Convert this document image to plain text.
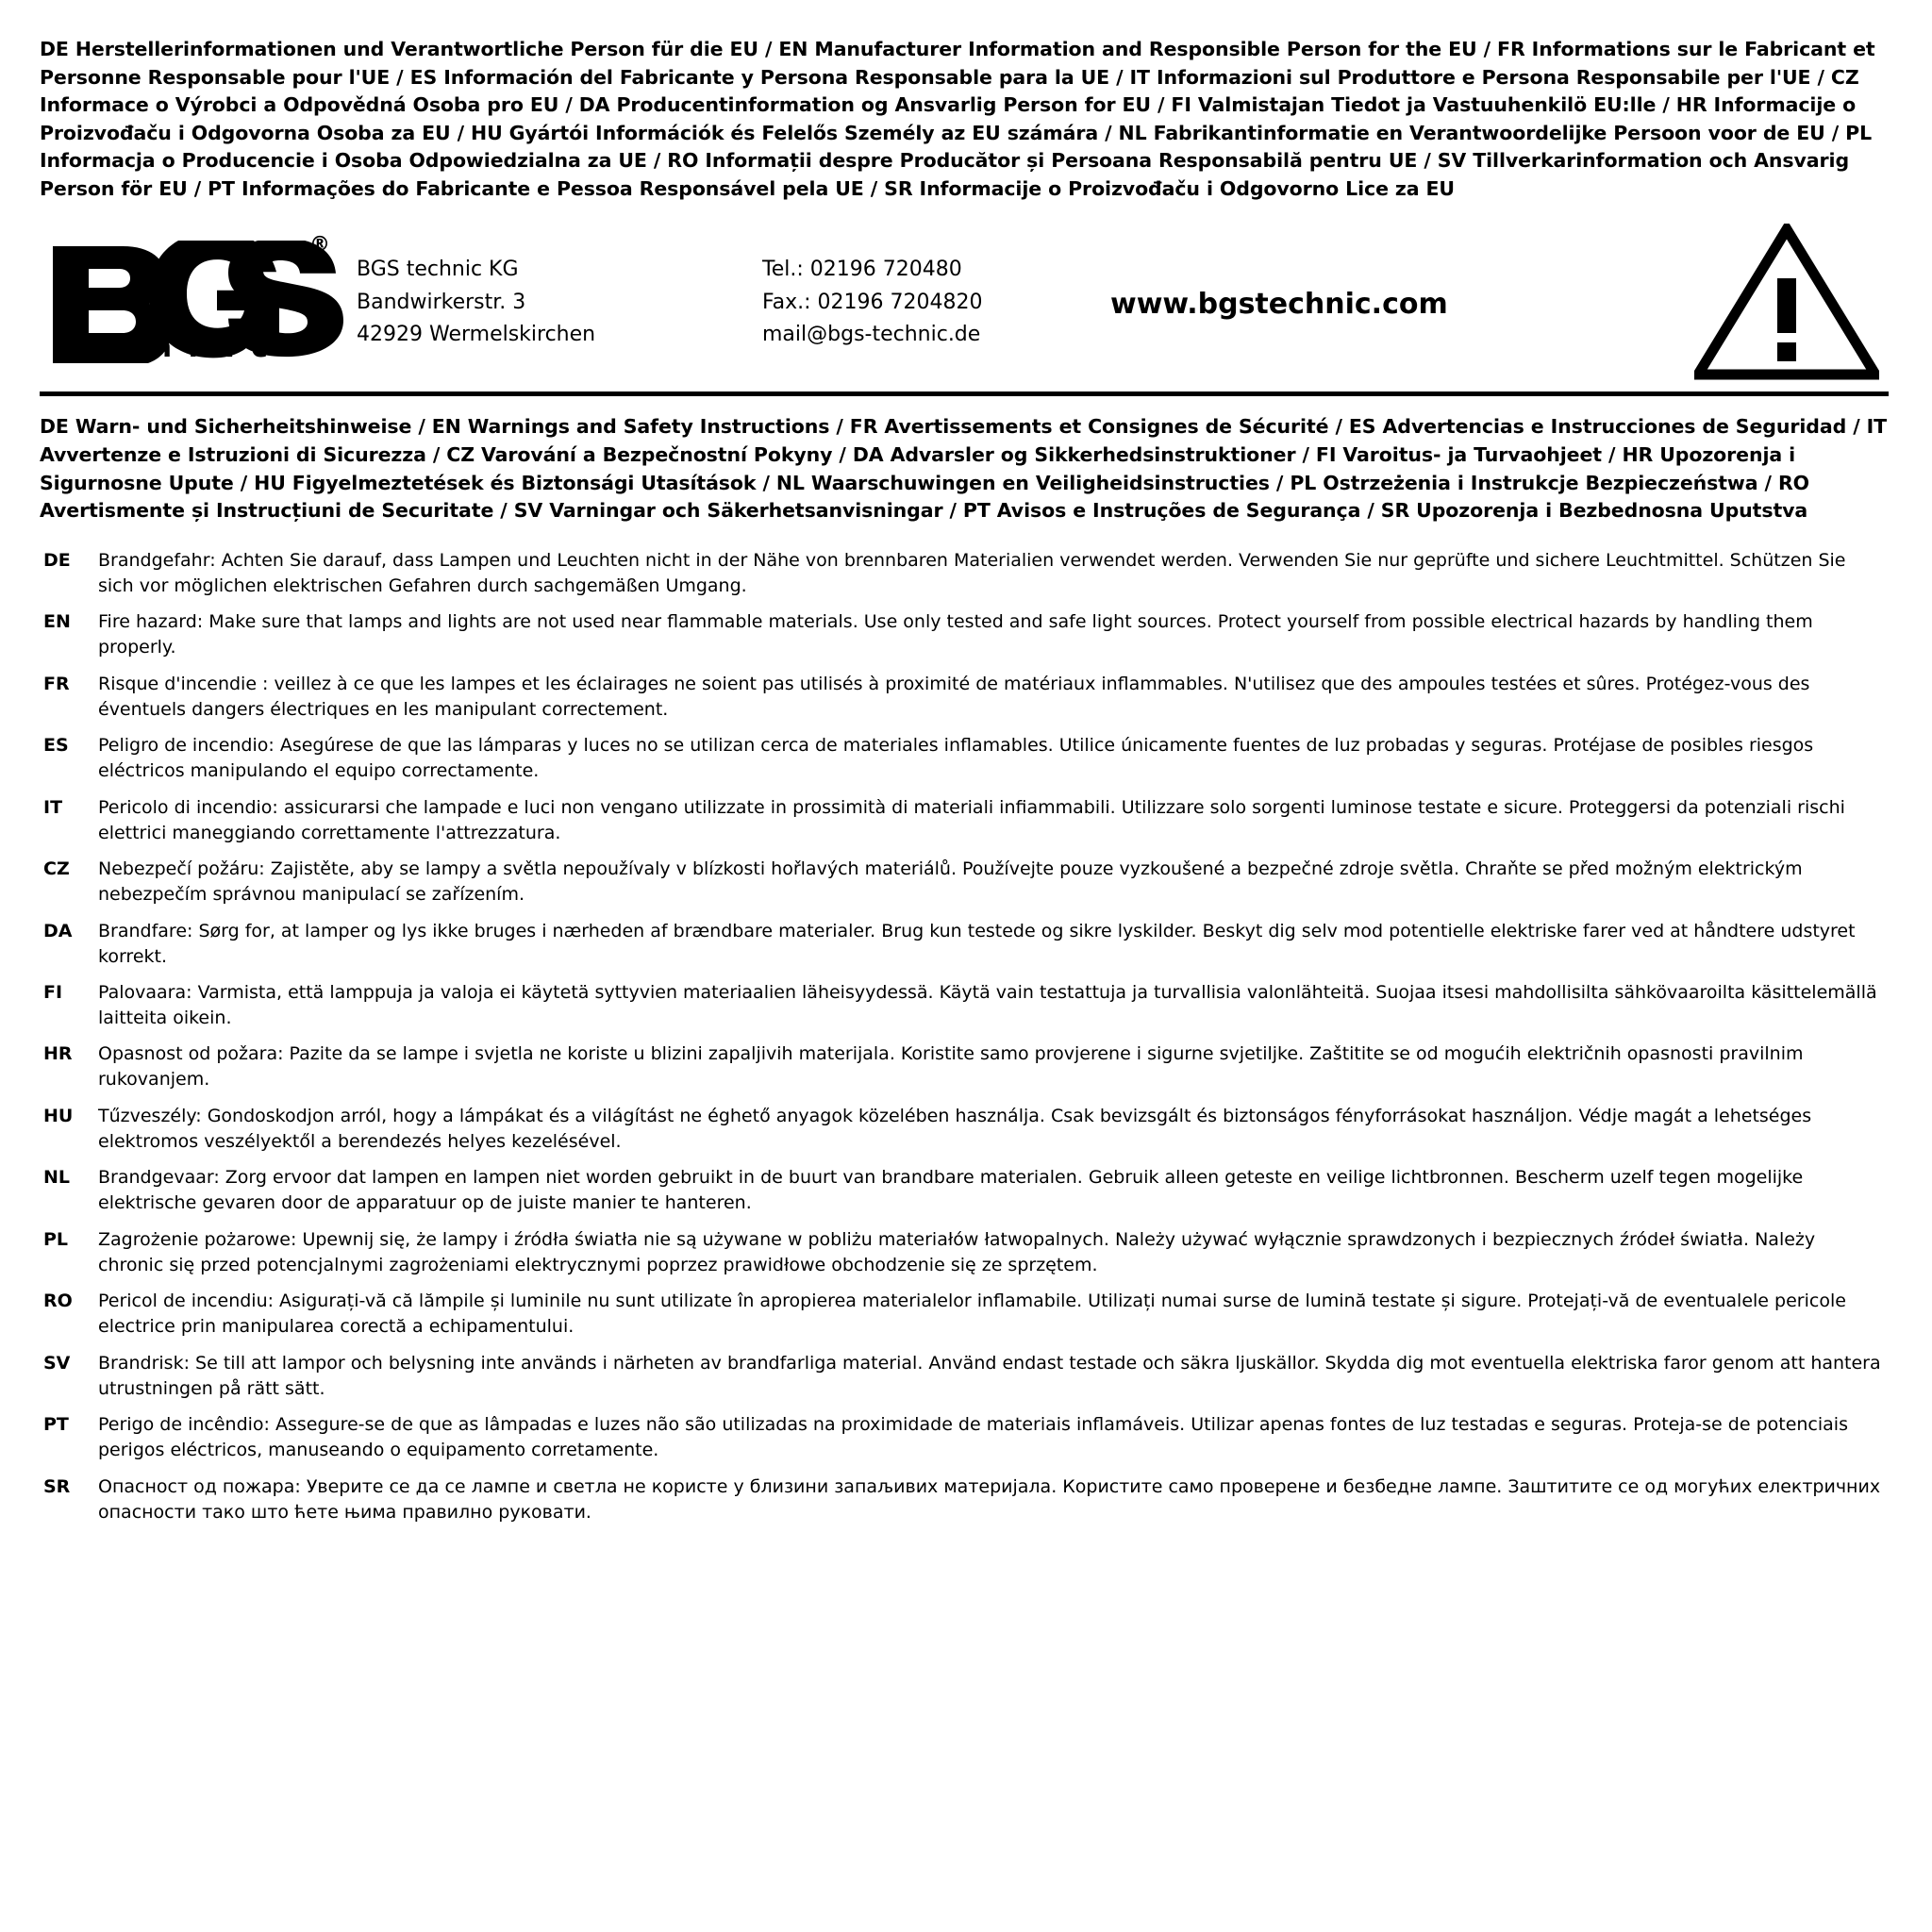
DE Herstellerinformationen und Verantwortliche Person für die EU / EN Manufacturer Information and Responsible Person for the EU / FR Informations sur le Fabricant et Personne Responsable pour l'UE / ES Información del Fabricante y Persona Responsable para la UE / IT Informazioni sul Produttore e Persona Responsabile per l'UE / CZ Informace o Výrobci a Odpovědná Osoba pro EU / DA Producentinformation og Ansvarlig Person for EU / FI Valmistajan Tiedot ja Vastuuhenkilö EU:lle / HR Informacije o Proizvođaču i Odgovorna Osoba za EU / HU Gyártói Információk és Felelős Személy az EU számára / NL Fabrikantinformatie en Verantwoordelijke Persoon voor de EU / PL Informacja o Producencie i Osoba Odpowiedzialna za UE / RO Informații despre Producător și Persoana Responsabilă pentru UE / SV Tillverkarinformation och Ansvarig Person för EU / PT Informações do Fabricante e Pessoa Responsável pela UE / SR Informacije o Proizvođaču i Odgovorno Lice za EU
t e c h n i c
®
BGS technic KG
Bandwirkerstr. 3
42929 Wermelskirchen
Tel.: 02196 720480
Fax.: 02196 7204820
mail@bgs-technic.de
www.bgstechnic.com
DE Warn- und Sicherheitshinweise / EN Warnings and Safety Instructions / FR Avertissements et Consignes de Sécurité / ES Advertencias e Instrucciones de Seguridad / IT Avvertenze e Istruzioni di Sicurezza / CZ Varování a Bezpečnostní Pokyny / DA Advarsler og Sikkerhedsinstruktioner / FI Varoitus- ja Turvaohjeet / HR Upozorenja i Sigurnosne Upute / HU Figyelmeztetések és Biztonsági Utasítások / NL Waarschuwingen en Veiligheidsinstructies / PL Ostrzeżenia i Instrukcje Bezpieczeństwa / RO Avertismente și Instrucțiuni de Securitate / SV Varningar och Säkerhetsanvisningar / PT Avisos e Instruções de Segurança / SR Upozorenja i Bezbednosna Uputstva
DE	Brandgefahr: Achten Sie darauf, dass Lampen und Leuchten nicht in der Nähe von brennbaren Materialien verwendet werden. Verwenden Sie nur geprüfte und sichere Leuchtmittel. Schützen Sie sich vor möglichen elektrischen Gefahren durch sachgemäßen Umgang.
EN	Fire hazard: Make sure that lamps and lights are not used near flammable materials. Use only tested and safe light sources. Protect yourself from possible electrical hazards by handling them properly.
FR	Risque d'incendie : veillez à ce que les lampes et les éclairages ne soient pas utilisés à proximité de matériaux inflammables. N'utilisez que des ampoules testées et sûres. Protégez-vous des éventuels dangers électriques en les manipulant correctement.
ES	Peligro de incendio: Asegúrese de que las lámparas y luces no se utilizan cerca de materiales inflamables. Utilice únicamente fuentes de luz probadas y seguras. Protéjase de posibles riesgos eléctricos manipulando el equipo correctamente.
IT	Pericolo di incendio: assicurarsi che lampade e luci non vengano utilizzate in prossimità di materiali infiammabili. Utilizzare solo sorgenti luminose testate e sicure. Proteggersi da potenziali rischi elettrici maneggiando correttamente l'attrezzatura.
CZ	Nebezpečí požáru: Zajistěte, aby se lampy a světla nepoužívaly v blízkosti hořlavých materiálů. Používejte pouze vyzkoušené a bezpečné zdroje světla. Chraňte se před možným elektrickým nebezpečím správnou manipulací se zařízením.
DA	Brandfare: Sørg for, at lamper og lys ikke bruges i nærheden af brændbare materialer. Brug kun testede og sikre lyskilder. Beskyt dig selv mod potentielle elektriske farer ved at håndtere udstyret korrekt.
FI	Palovaara: Varmista, että lamppuja ja valoja ei käytetä syttyvien materiaalien läheisyydessä. Käytä vain testattuja ja turvallisia valonlähteitä. Suojaa itsesi mahdollisilta sähkövaaroilta käsittelemällä laitteita oikein.
HR	Opasnost od požara: Pazite da se lampe i svjetla ne koriste u blizini zapaljivih materijala. Koristite samo provjerene i sigurne svjetiljke. Zaštitite se od mogućih električnih opasnosti pravilnim rukovanjem.
HU	Tűzveszély: Gondoskodjon arról, hogy a lámpákat és a világítást ne éghető anyagok közelében használja. Csak bevizsgált és biztonságos fényforrásokat használjon. Védje magát a lehetséges elektromos veszélyektől a berendezés helyes kezelésével.
NL	Brandgevaar: Zorg ervoor dat lampen en lampen niet worden gebruikt in de buurt van brandbare materialen. Gebruik alleen geteste en veilige lichtbronnen. Bescherm uzelf tegen mogelijke elektrische gevaren door de apparatuur op de juiste manier te hanteren.
PL	Zagrożenie pożarowe: Upewnij się, że lampy i źródła światła nie są używane w pobliżu materiałów łatwopalnych. Należy używać wyłącznie sprawdzonych i bezpiecznych źródeł światła. Należy chronic się przed potencjalnymi zagrożeniami elektrycznymi poprzez prawidłowe obchodzenie się ze sprzętem.
RO	Pericol de incendiu: Asigurați-vă că lămpile și luminile nu sunt utilizate în apropierea materialelor inflamabile. Utilizați numai surse de lumină testate și sigure. Protejați-vă de eventualele pericole electrice prin manipularea corectă a echipamentului.
SV	Brandrisk: Se till att lampor och belysning inte används i närheten av brandfarliga material. Använd endast testade och säkra ljuskällor. Skydda dig mot eventuella elektriska faror genom att hantera utrustningen på rätt sätt.
PT	Perigo de incêndio: Assegure-se de que as lâmpadas e luzes não são utilizadas na proximidade de materiais inflamáveis. Utilizar apenas fontes de luz testadas e seguras. Proteja-se de potenciais perigos eléctricos, manuseando o equipamento corretamente.
SR	Опасност од пожара: Уверите се да се лампе и светла не користе у близини запаљивих материјала. Користите само проверене и безбедне лампе. Заштитите се од могућих електричних опасности тако што ћете њима правилно руковати.
